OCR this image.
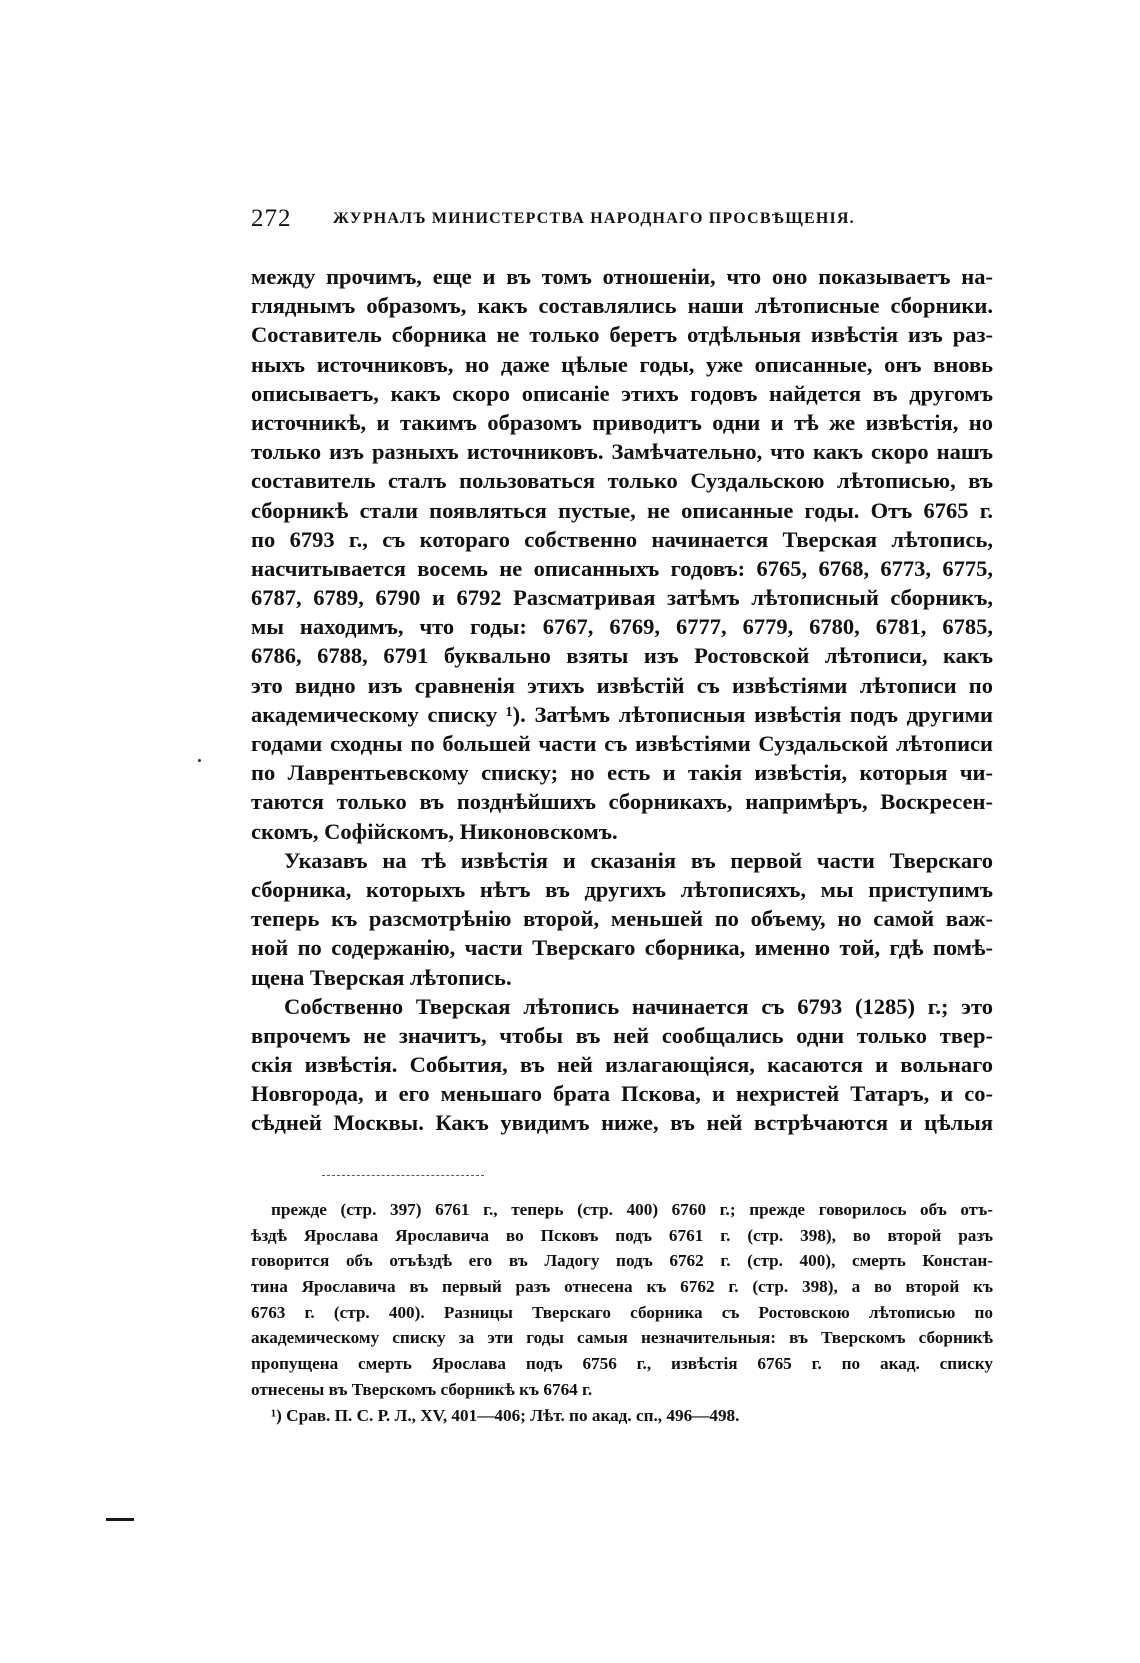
272	ЖУРНАЛЪ МИНИСТЕРСТВА НАРОДНАГО ПРОСВѢЩЕНІЯ.
между прочимъ, еще и въ томъ отношеніи, что оно показываетъ на-
гляднымъ образомъ, какъ составлялись наши лѣтописные сборники.
Составитель сборника не только беретъ отдѣльныя извѣстія изъ раз-
ныхъ источниковъ, но даже цѣлые годы, уже описанные, онъ вновь
описываетъ, какъ скоро описаніе этихъ годовъ найдется въ другомъ
источникѣ, и такимъ образомъ приводитъ одни и тѣ же извѣстія, но
только изъ разныхъ источниковъ. Замѣчательно, что какъ скоро нашъ
составитель сталъ пользоваться только Суздальскою лѣтописью, въ
сборникѣ стали появляться пустые, не описанные годы. Отъ 6765 г.
по 6793 г., съ котораго собственно начинается Тверская лѣтопись,
насчитывается восемь не описанныхъ годовъ: 6765, 6768, 6773, 6775,
6787, 6789, 6790 и 6792 Разсматривая затѣмъ лѣтописный сборникъ,
мы находимъ, что годы: 6767, 6769, 6777, 6779, 6780, 6781, 6785,
6786, 6788, 6791 буквально взяты изъ Ростовской лѣтописи, какъ
это видно изъ сравненія этихъ извѣстій съ извѣстіями лѣтописи по
академическому списку ¹). Затѣмъ лѣтописныя извѣстія подъ другими
годами сходны по большей части съ извѣстіями Суздальской лѣтописи
по Лаврентьевскому списку; но есть и такія извѣстія, которыя чи-
таются только въ позднѣйшихъ сборникахъ, напримѣръ, Воскресен-
скомъ, Софійскомъ, Никоновскомъ.
Указавъ на тѣ извѣстія и сказанія въ первой части Тверскаго
сборника, которыхъ нѣтъ въ другихъ лѣтописяхъ, мы приступимъ
теперь къ разсмотрѣнію второй, меньшей по объему, но самой важ-
ной по содержанію, части Тверскаго сборника, именно той, гдѣ помѣ-
щена Тверская лѣтопись.
Собственно Тверская лѣтопись начинается съ 6793 (1285) г.; это
впрочемъ не значитъ, чтобы въ ней сообщались одни только твер-
скія извѣстія. События, въ ней излагающіяся, касаются и вольнаго
Новгорода, и его меньшаго брата Пскова, и нехристей Татаръ, и со-
сѣдней Москвы. Какъ увидимъ ниже, въ ней встрѣчаются и цѣлыя
прежде (стр. 397) 6761 г., теперь (стр. 400) 6760 г.; прежде говорилось объ отъ-
ѣздѣ Ярослава Ярославича во Псковъ подъ 6761 г. (стр. 398), во второй разъ
говорится объ отъѣздѣ его въ Ладогу подъ 6762 г. (стр. 400), смерть Констан-
тина Ярославича въ первый разъ отнесена къ 6762 г. (стр. 398), а во второй къ
6763 г. (стр. 400). Разницы Тверскаго сборника съ Ростовскою лѣтописью по
академическому списку за эти годы самыя незначительныя: въ Тверскомъ сборникѣ
пропущена смерть Ярослава подъ 6756 г., извѣстія 6765 г. по акад. списку
отнесены въ Тверскомъ сборникѣ къ 6764 г.
¹) Срав. П. С. Р. Л., XV, 401—406; Лѣт. по акад. сп., 496—498.
